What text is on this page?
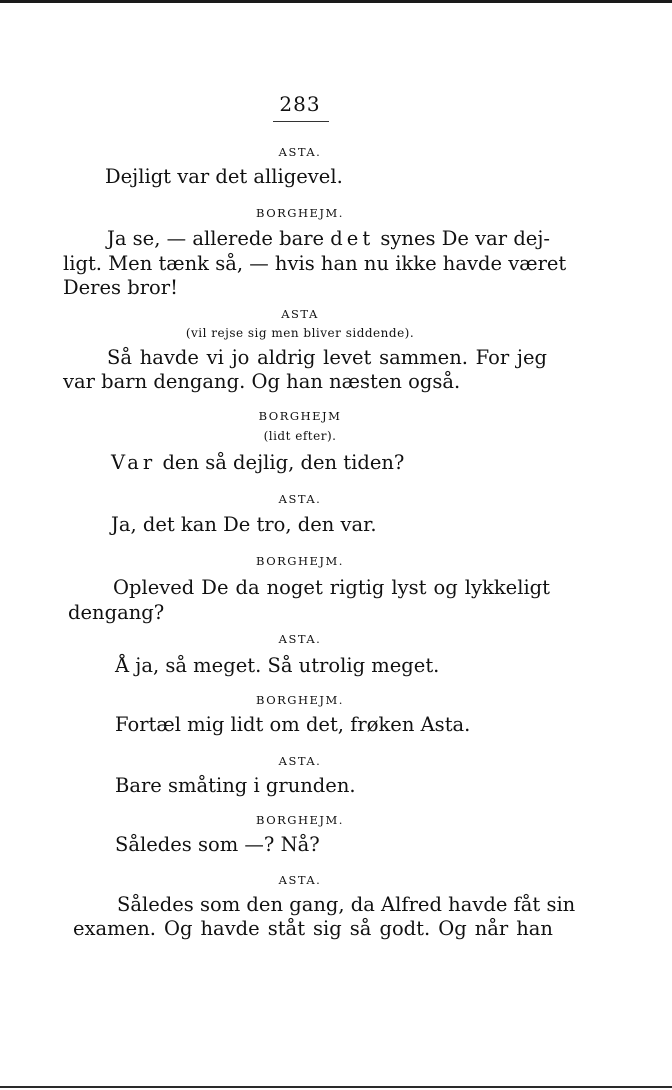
283
ASTA.
Dejligt var det alligevel.
BORGHEJM.
Ja se, — allerede bare det synes De var dej-
ligt. Men tænk så, — hvis han nu ikke havde været
Deres bror!
ASTA
(vil rejse sig men bliver siddende).
Så havde vi jo aldrig levet sammen. For jeg
var barn dengang. Og han næsten også.
BORGHEJM
(lidt efter).
Var den så dejlig, den tiden?
ASTA.
Ja, det kan De tro, den var.
BORGHEJM.
Opleved De da noget rigtig lyst og lykkeligt
dengang?
ASTA.
Å ja, så meget. Så utrolig meget.
BORGHEJM.
Fortæl mig lidt om det, frøken Asta.
ASTA.
Bare småting i grunden.
BORGHEJM.
Således som —? Nå?
ASTA.
Således som den gang, da Alfred havde fåt sin
examen. Og havde ståt sig så godt. Og når han
